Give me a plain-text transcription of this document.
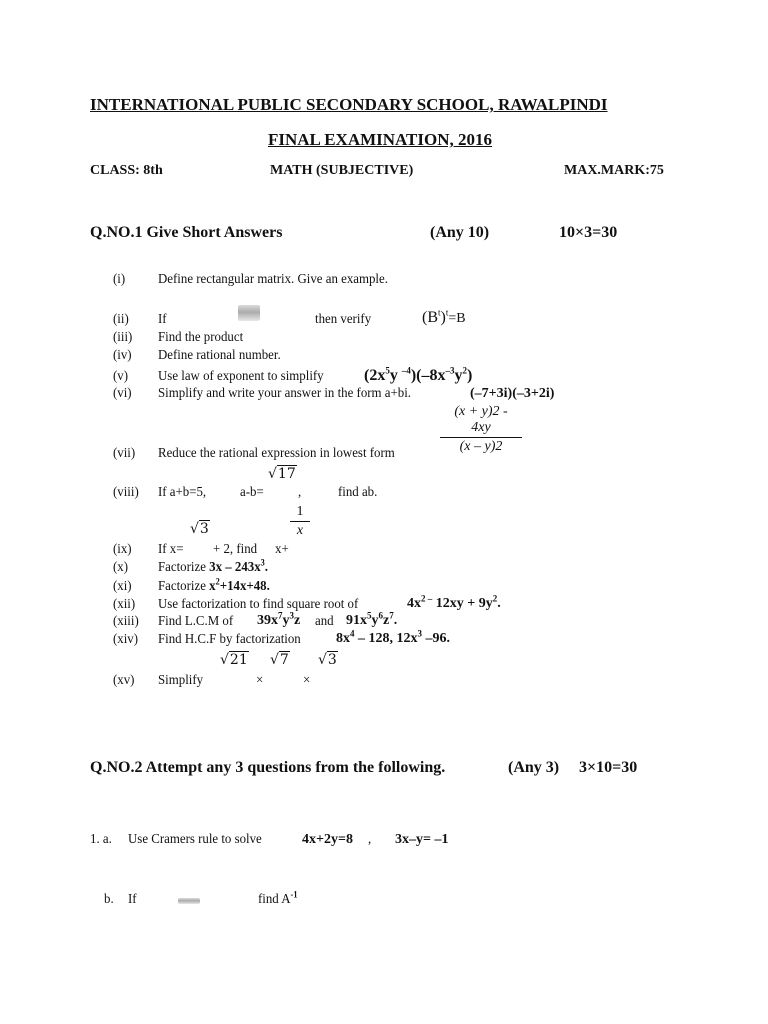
INTERNATIONAL PUBLIC SECONDARY SCHOOL, RAWALPINDI
FINAL EXAMINATION, 2016
CLASS: 8th	MATH (SUBJECTIVE)	MAX.MARK:75
Q.NO.1 Give Short Answers	(Any 10)	10×3=30
(i) Define rectangular matrix. Give an example.
(ii) If	then verify	$(B^t)^t=B$
(iii) Find the product
(iv) Define rational number.
(v) Use law of exponent to simplify	($2x^5y$ $^{-4})(-8x^{-3}y^2)$
(vi) Simplify and write your answer in the form a+bi.	(–7+3i)(–3+2i)
$\frac{(x + y)2 - 4xy}{(x - y)2}$
(vii) Reduce the rational expression in lowest form
√17
(viii) If a+b=5, a-b= ,	find ab.
$\frac{1}{x}$
√3
(ix) If x= + 2, find x+
(x) Factorize $3x - 243x^3$.
(xi) Factorize $x^2+14x+48$.
(xii) Use factorization to find square root of	$4x^{2 -}$ $12xy + 9y^2$.
(xiii) Find L.C.M of $39x^7y^3z$ and $91x^5y^6z^7$.
(xiv) Find H.C.F by factorization	$8x^4 - 128$, $12x^3$ –96.
√21 √7 √3
(xv) Simplify	×	×
Q.NO.2 Attempt any 3 questions from the following.	(Any 3) 3×10=30
1. a. Use Cramers rule to solve	4x+2y=8 , 3x–y= –1
b. If	find $A^{-1}$
